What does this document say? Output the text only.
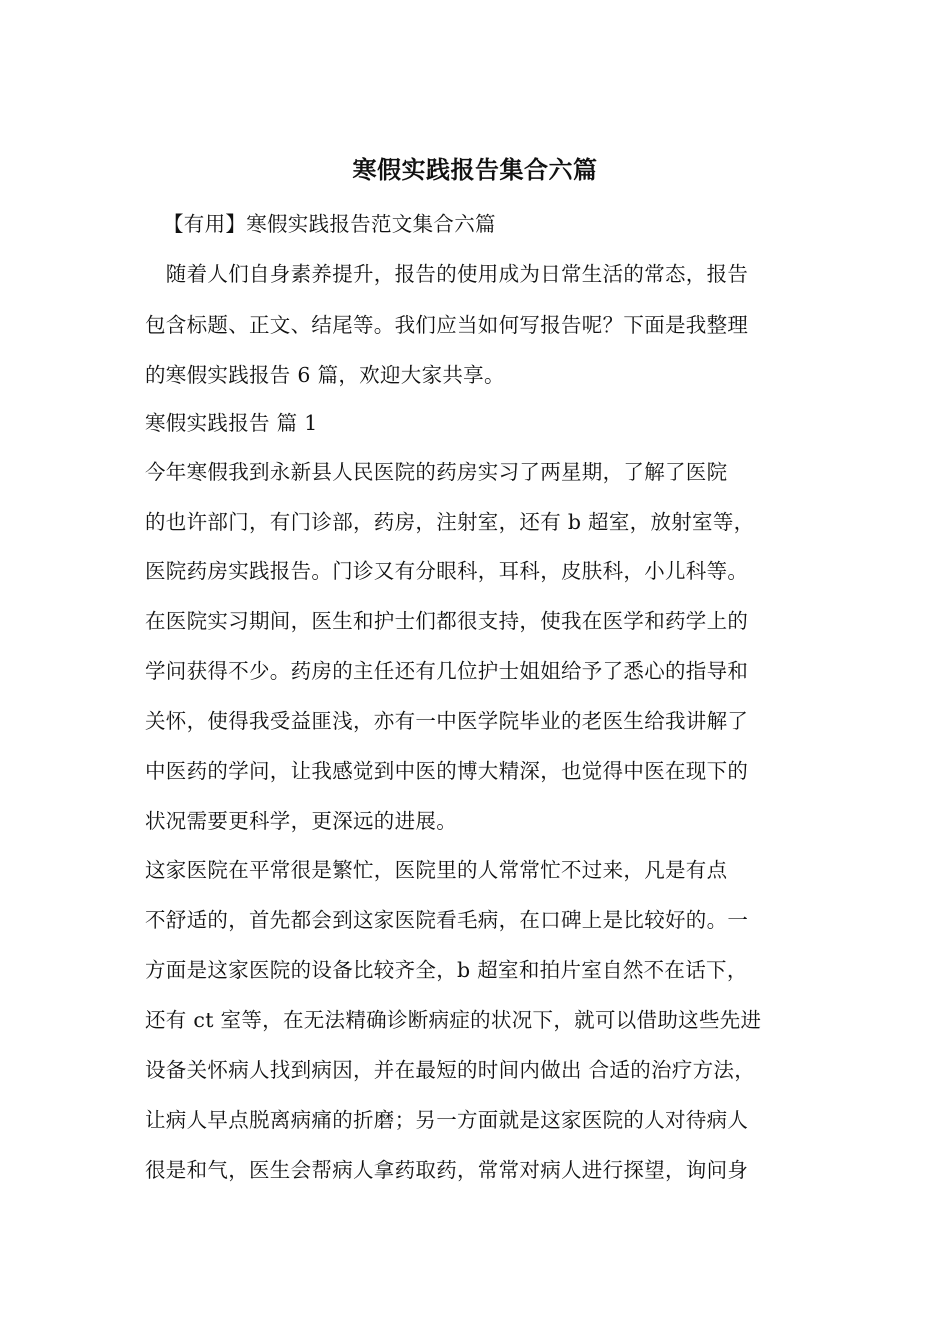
寒假实践报告集合六篇
【有用】寒假实践报告范文集合六篇
　随着人们自身素养提升，报告的使用成为日常生活的常态，报告
包含标题、正文、结尾等。我们应当如何写报告呢？下面是我整理
的寒假实践报告 6 篇，欢迎大家共享。
寒假实践报告 篇 1
今年寒假我到永新县人民医院的药房实习了两星期，了解了医院
的也许部门，有门诊部，药房，注射室，还有 b 超室，放射室等，
医院药房实践报告。门诊又有分眼科，耳科，皮肤科，小儿科等。
在医院实习期间，医生和护士们都很支持，使我在医学和药学上的
学问获得不少。药房的主任还有几位护士姐姐给予了悉心的指导和
关怀，使得我受益匪浅，亦有一中医学院毕业的老医生给我讲解了
中医药的学问，让我感觉到中医的博大精深，也觉得中医在现下的
状况需要更科学，更深远的进展。
这家医院在平常很是繁忙，医院里的人常常忙不过来，凡是有点
不舒适的，首先都会到这家医院看毛病，在口碑上是比较好的。一
方面是这家医院的设备比较齐全，b 超室和拍片室自然不在话下，
还有 ct 室等，在无法精确诊断病症的状况下，就可以借助这些先进
设备关怀病人找到病因，并在最短的时间内做出 合适的治疗方法，
让病人早点脱离病痛的折磨；另一方面就是这家医院的人对待病人
很是和气，医生会帮病人拿药取药，常常对病人进行探望，询问身
